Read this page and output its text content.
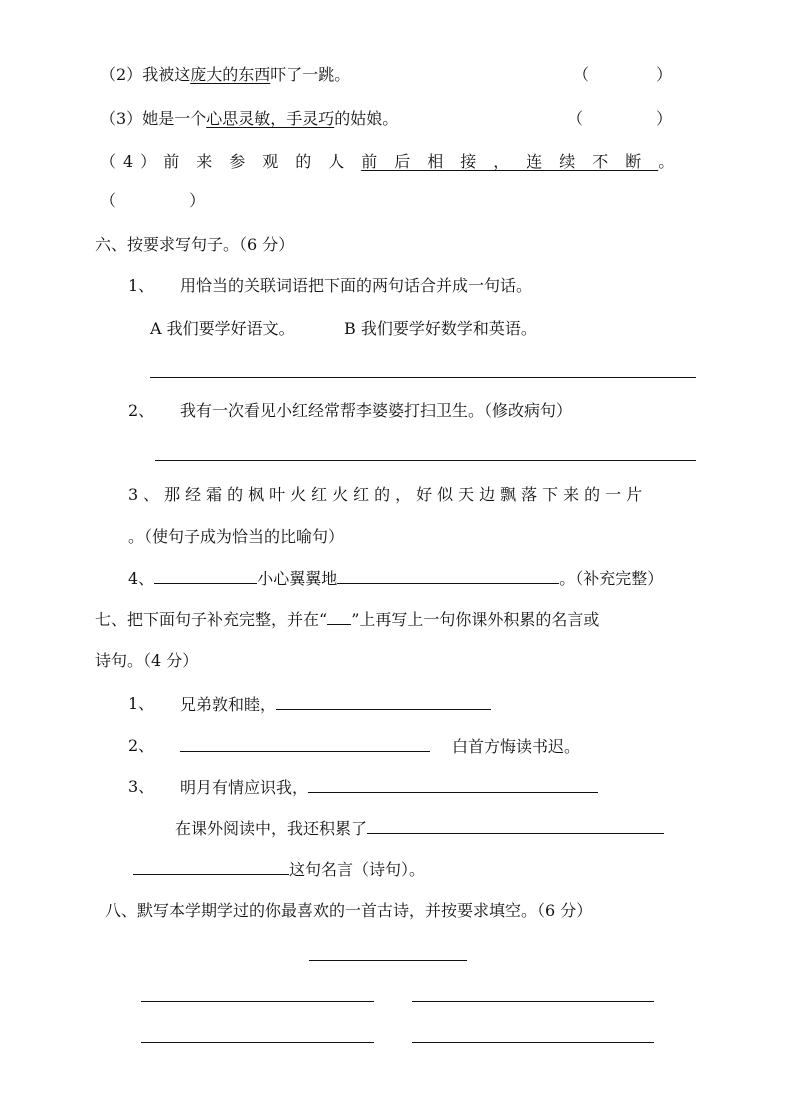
（2）我被这庞大的东西吓了一跳。	（ ）
（3）她是一个心思灵敏，手灵巧的姑娘。	（ ）
（4）前来参观的人前后相接，连续不断。
（ ）
六、按要求写句子。（6 分）
1、 用恰当的关联词语把下面的两句话合并成一句话。
A 我们要学好语文。	B 我们要学好数学和英语。
2、 我有一次看见小红经常帮李婆婆打扫卫生。（修改病句）
3、那经霜的枫叶火红火红的，好似天边飘落下来的一片
。（使句子成为恰当的比喻句）
4、	小心翼翼地	。（补充完整）
七、把下面句子补充完整，并在“ ”上再写上一句你课外积累的名言或
诗句。（4 分）
1、 兄弟敦和睦，
2、	白首方悔读书迟。
3、 明月有情应识我，
在课外阅读中，我还积累了
这句名言（诗句）。
八、默写本学期学过的你最喜欢的一首古诗，并按要求填空。（6 分）
